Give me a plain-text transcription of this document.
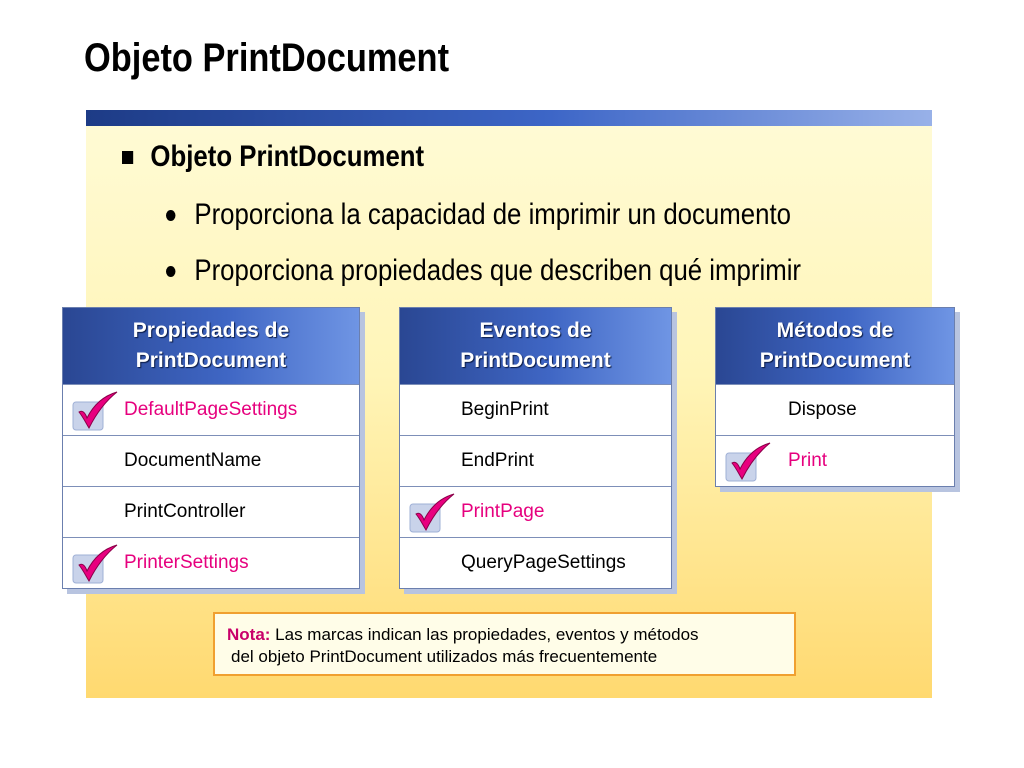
Objeto PrintDocument
Objeto PrintDocument
Proporciona la capacidad de imprimir un documento
Proporciona propiedades que describen qué imprimir
Propiedades de
PrintDocument
DefaultPageSettings
DocumentName
PrintController
PrinterSettings
Eventos de
PrintDocument
BeginPrint
EndPrint
PrintPage
QueryPageSettings
Métodos de
PrintDocument
Dispose
Print
Nota: Las marcas indican las propiedades, eventos y métodos
del objeto PrintDocument utilizados más frecuentemente
